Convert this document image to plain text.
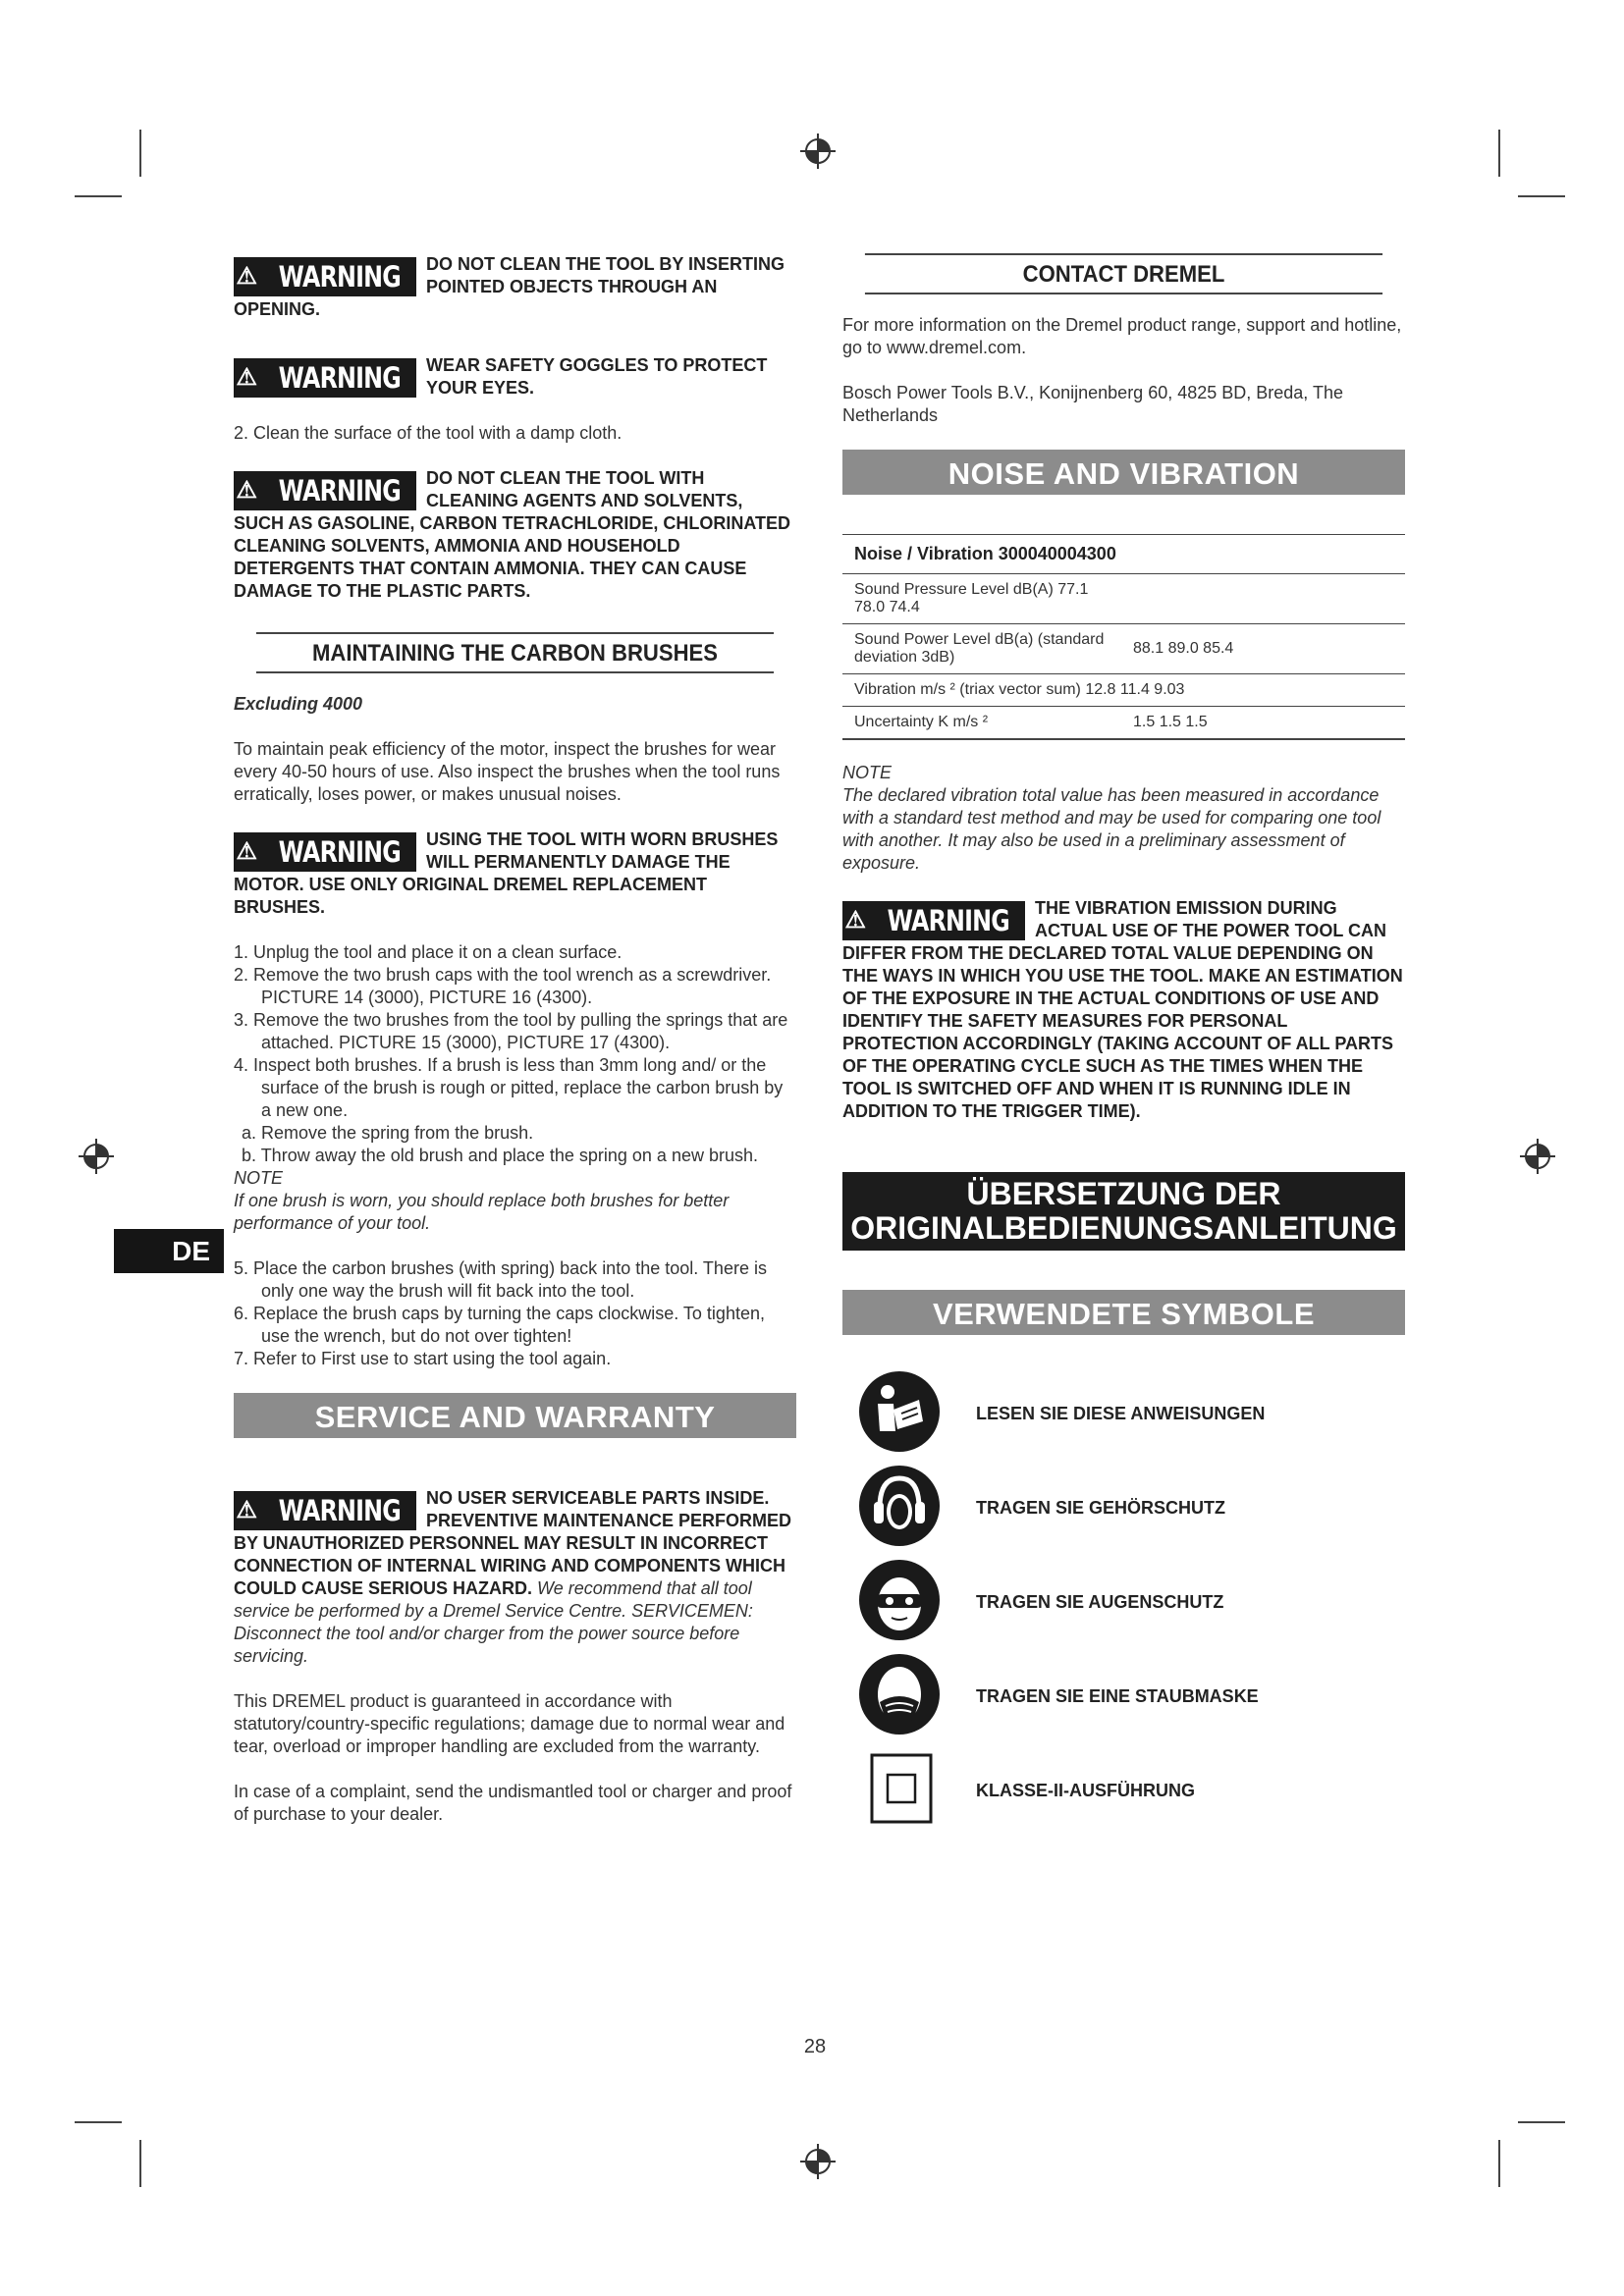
DE
⚠ WARNING DO NOT CLEAN THE TOOL BY INSERTING POINTED OBJECTS THROUGH AN OPENING.
⚠ WARNING WEAR SAFETY GOGGLES TO PROTECT YOUR EYES.

2. Clean the surface of the tool with a damp cloth.

⚠ WARNING DO NOT CLEAN THE TOOL WITH CLEANING AGENTS AND SOLVENTS, SUCH AS GASOLINE, CARBON TETRACHLORIDE, CHLORINATED CLEANING SOLVENTS, AMMONIA AND HOUSEHOLD DETERGENTS THAT CONTAIN AMMONIA. THEY CAN CAUSE DAMAGE TO THE PLASTIC PARTS.
MAINTAINING THE CARBON BRUSHES

Excluding 4000

To maintain peak efficiency of the motor, inspect the brushes for wear every 40-50 hours of use. Also inspect the brushes when the tool runs erratically, loses power, or makes unusual noises.

⚠ WARNING USING THE TOOL WITH WORN BRUSHES WILL PERMANENTLY DAMAGE THE MOTOR. USE ONLY ORIGINAL DREMEL REPLACEMENT BRUSHES.
1. Unplug the tool and place it on a clean surface.
2. Remove the two brush caps with the tool wrench as a screwdriver. PICTURE 14 (3000), PICTURE 16 (4300).
3. Remove the two brushes from the tool by pulling the springs that are attached. PICTURE 15 (3000), PICTURE 17 (4300).
4. Inspect both brushes. If a brush is less than 3mm long and/ or the surface of the brush is rough or pitted, replace the carbon brush by a new one.
a. Remove the spring from the brush.
b. Throw away the old brush and place the spring on a new brush.
NOTE

If one brush is worn, you should replace both brushes for better performance of your tool.

5. Place the carbon brushes (with spring) back into the tool. There is only one way the brush will fit back into the tool.
6. Replace the brush caps by turning the caps clockwise. To tighten, use the wrench, but do not over tighten!
7. Refer to First use to start using the tool again.
SERVICE AND WARRANTY
⚠ WARNING NO USER SERVICEABLE PARTS INSIDE. PREVENTIVE MAINTENANCE PERFORMED BY UNAUTHORIZED PERSONNEL MAY RESULT IN INCORRECT CONNECTION OF INTERNAL WIRING AND COMPONENTS WHICH COULD CAUSE SERIOUS HAZARD. We recommend that all tool service be performed by a Dremel Service Centre. SERVICEMEN: Disconnect the tool and/or charger from the power source before servicing.

This DREMEL product is guaranteed in accordance with statutory/country-specific regulations; damage due to normal wear and tear, overload or improper handling are excluded from the warranty.

In case of a complaint, send the undismantled tool or charger and proof of purchase to your dealer.

CONTACT DREMEL

For more information on the Dremel product range, support and hotline, go to www.dremel.com.

Bosch Power Tools B.V., Konijnenberg 60, 4825 BD, Breda, The Netherlands

NOISE AND VIBRATION
Noise / Vibration 300040004300	
Sound Pressure Level dB(A) 77.1 78.0 74.4	
Sound Power Level dB(a) (standard deviation 3dB)	88.1 89.0 85.4
Vibration m/s ² (triax vector sum) 12.8 11.4 9.03	
Uncertainty K m/s ²	1.5 1.5 1.5
NOTE

The declared vibration total value has been measured in accordance with a standard test method and may be used for comparing one tool with another. It may also be used in a preliminary assessment of exposure.

⚠ WARNING THE VIBRATION EMISSION DURING ACTUAL USE OF THE POWER TOOL CAN DIFFER FROM THE DECLARED TOTAL VALUE DEPENDING ON THE WAYS IN WHICH YOU USE THE TOOL. MAKE AN ESTIMATION OF THE EXPOSURE IN THE ACTUAL CONDITIONS OF USE AND IDENTIFY THE SAFETY MEASURES FOR PERSONAL PROTECTION ACCORDINGLY (TAKING ACCOUNT OF ALL PARTS OF THE OPERATING CYCLE SUCH AS THE TIMES WHEN THE TOOL IS SWITCHED OFF AND WHEN IT IS RUNNING IDLE IN ADDITION TO THE TRIGGER TIME).
ÜBERSETZUNG DER
ORIGINALBEDIENUNGSANLEITUNG
VERWENDETE SYMBOLE
LESEN SIE DIESE ANWEISUNGEN
TRAGEN SIE GEHÖRSCHUTZ
TRAGEN SIE AUGENSCHUTZ
TRAGEN SIE EINE STAUBMASKE
KLASSE-II-AUSFÜHRUNG
28
